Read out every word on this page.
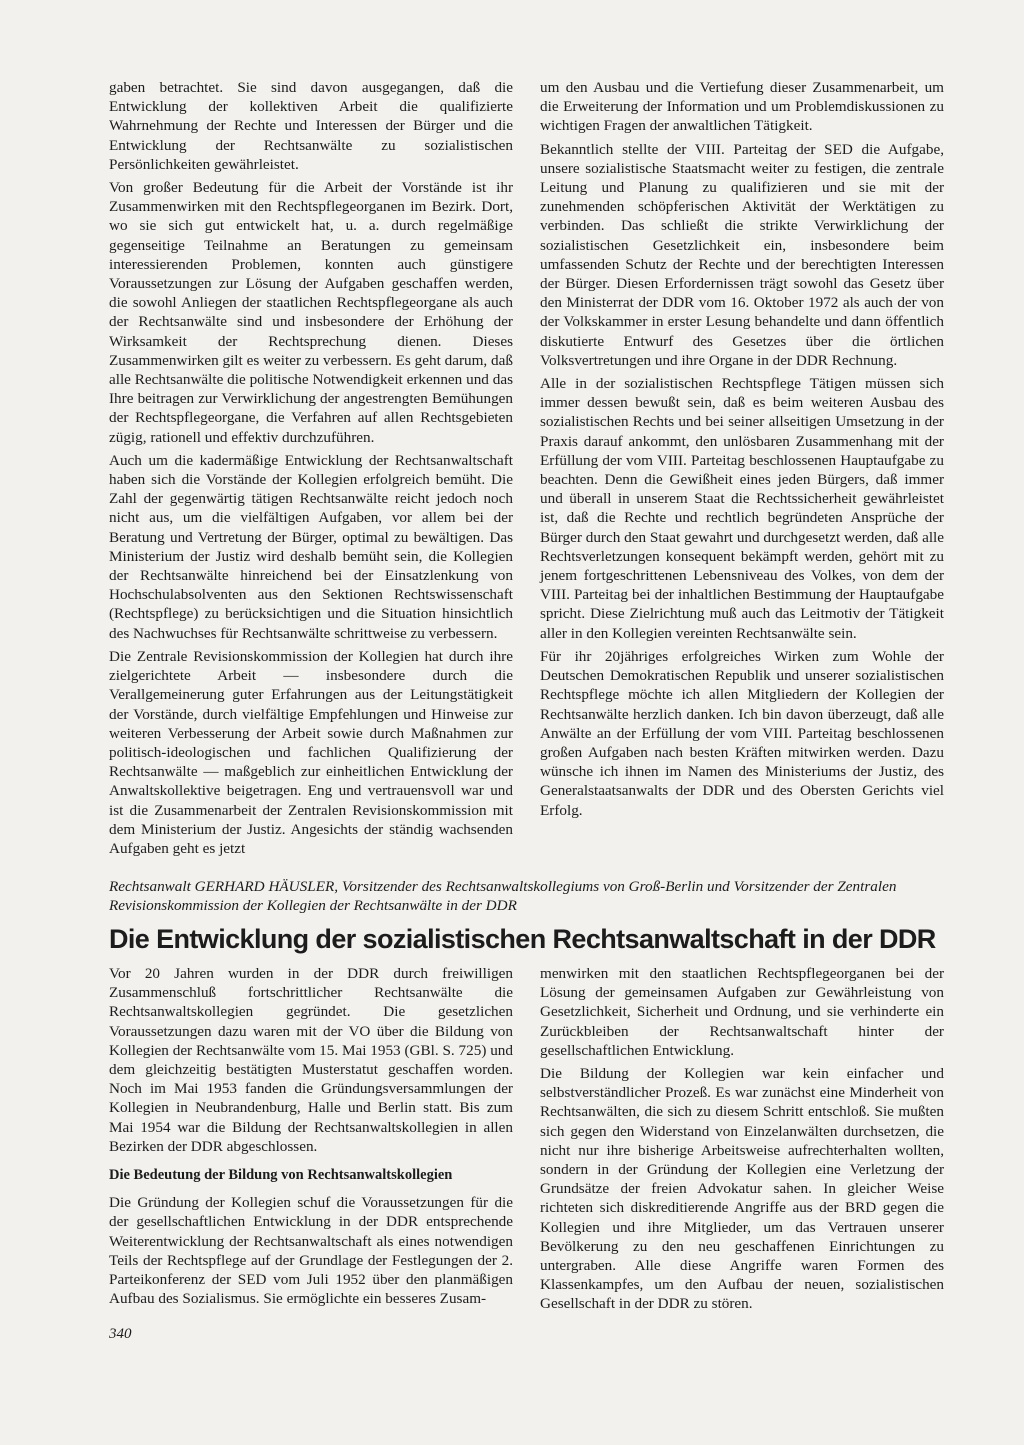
gaben betrachtet. Sie sind davon ausgegangen, daß die Entwicklung der kollektiven Arbeit die qualifizierte Wahrnehmung der Rechte und Interessen der Bürger und die Entwicklung der Rechtsanwälte zu sozialistischen Persönlichkeiten gewährleistet.

Von großer Bedeutung für die Arbeit der Vorstände ist ihr Zusammenwirken mit den Rechtspflegeorganen im Bezirk. Dort, wo sie sich gut entwickelt hat, u. a. durch regelmäßige gegenseitige Teilnahme an Beratungen zu gemeinsam interessierenden Problemen, konnten auch günstigere Voraussetzungen zur Lösung der Aufgaben geschaffen werden, die sowohl Anliegen der staatlichen Rechtspflegeorgane als auch der Rechtsanwälte sind und insbesondere der Erhöhung der Wirksamkeit der Rechtsprechung dienen. Dieses Zusammenwirken gilt es weiter zu verbessern. Es geht darum, daß alle Rechtsanwälte die politische Notwendigkeit erkennen und das Ihre beitragen zur Verwirklichung der angestrengten Bemühungen der Rechtspflegeorgane, die Verfahren auf allen Rechtsgebieten zügig, rationell und effektiv durchzuführen.

Auch um die kadermäßige Entwicklung der Rechtsanwaltschaft haben sich die Vorstände der Kollegien erfolgreich bemüht. Die Zahl der gegenwärtig tätigen Rechtsanwälte reicht jedoch noch nicht aus, um die vielfältigen Aufgaben, vor allem bei der Beratung und Vertretung der Bürger, optimal zu bewältigen. Das Ministerium der Justiz wird deshalb bemüht sein, die Kollegien der Rechtsanwälte hinreichend bei der Einsatzlenkung von Hochschulabsolventen aus den Sektionen Rechtswissenschaft (Rechtspflege) zu berücksichtigen und die Situation hinsichtlich des Nachwuchses für Rechtsanwälte schrittweise zu verbessern.

Die Zentrale Revisionskommission der Kollegien hat durch ihre zielgerichtete Arbeit — insbesondere durch die Verallgemeinerung guter Erfahrungen aus der Leitungstätigkeit der Vorstände, durch vielfältige Empfehlungen und Hinweise zur weiteren Verbesserung der Arbeit sowie durch Maßnahmen zur politisch-ideologischen und fachlichen Qualifizierung der Rechtsanwälte — maßgeblich zur einheitlichen Entwicklung der Anwaltskollektive beigetragen. Eng und vertrauensvoll war und ist die Zusammenarbeit der Zentralen Revisionskommission mit dem Ministerium der Justiz. Angesichts der ständig wachsenden Aufgaben geht es jetzt

um den Ausbau und die Vertiefung dieser Zusammenarbeit, um die Erweiterung der Information und um Problemdiskussionen zu wichtigen Fragen der anwaltlichen Tätigkeit.

Bekanntlich stellte der VIII. Parteitag der SED die Aufgabe, unsere sozialistische Staatsmacht weiter zu festigen, die zentrale Leitung und Planung zu qualifizieren und sie mit der zunehmenden schöpferischen Aktivität der Werktätigen zu verbinden. Das schließt die strikte Verwirklichung der sozialistischen Gesetzlichkeit ein, insbesondere beim umfassenden Schutz der Rechte und der berechtigten Interessen der Bürger. Diesen Erfordernissen trägt sowohl das Gesetz über den Ministerrat der DDR vom 16. Oktober 1972 als auch der von der Volkskammer in erster Lesung behandelte und dann öffentlich diskutierte Entwurf des Gesetzes über die örtlichen Volksvertretungen und ihre Organe in der DDR Rechnung.

Alle in der sozialistischen Rechtspflege Tätigen müssen sich immer dessen bewußt sein, daß es beim weiteren Ausbau des sozialistischen Rechts und bei seiner allseitigen Umsetzung in der Praxis darauf ankommt, den unlösbaren Zusammenhang mit der Erfüllung der vom VIII. Parteitag beschlossenen Hauptaufgabe zu beachten. Denn die Gewißheit eines jeden Bürgers, daß immer und überall in unserem Staat die Rechtssicherheit gewährleistet ist, daß die Rechte und rechtlich begründeten Ansprüche der Bürger durch den Staat gewahrt und durchgesetzt werden, daß alle Rechtsverletzungen konsequent bekämpft werden, gehört mit zu jenem fortgeschrittenen Lebensniveau des Volkes, von dem der VIII. Parteitag bei der inhaltlichen Bestimmung der Hauptaufgabe spricht. Diese Zielrichtung muß auch das Leitmotiv der Tätigkeit aller in den Kollegien vereinten Rechtsanwälte sein.

Für ihr 20jähriges erfolgreiches Wirken zum Wohle der Deutschen Demokratischen Republik und unserer sozialistischen Rechtspflege möchte ich allen Mitgliedern der Kollegien der Rechtsanwälte herzlich danken. Ich bin davon überzeugt, daß alle Anwälte an der Erfüllung der vom VIII. Parteitag beschlossenen großen Aufgaben nach besten Kräften mitwirken werden. Dazu wünsche ich ihnen im Namen des Ministeriums der Justiz, des Generalstaatsanwalts der DDR und des Obersten Gerichts viel Erfolg.

Rechtsanwalt GERHARD HÄUSLER, Vorsitzender des Rechtsanwaltskollegiums von Groß-Berlin und Vorsitzender der Zentralen Revisionskommission der Kollegien der Rechtsanwälte in der DDR
Die Entwicklung der sozialistischen Rechtsanwaltschaft in der DDR

Vor 20 Jahren wurden in der DDR durch freiwilligen Zusammenschluß fortschrittlicher Rechtsanwälte die Rechtsanwaltskollegien gegründet. Die gesetzlichen Voraussetzungen dazu waren mit der VO über die Bildung von Kollegien der Rechtsanwälte vom 15. Mai 1953 (GBl. S. 725) und dem gleichzeitig bestätigten Musterstatut geschaffen worden. Noch im Mai 1953 fanden die Gründungsversammlungen der Kollegien in Neubrandenburg, Halle und Berlin statt. Bis zum Mai 1954 war die Bildung der Rechtsanwaltskollegien in allen Bezirken der DDR abgeschlossen.

Die Bedeutung der Bildung von Rechtsanwaltskollegien

Die Gründung der Kollegien schuf die Voraussetzungen für die der gesellschaftlichen Entwicklung in der DDR entsprechende Weiterentwicklung der Rechtsanwaltschaft als eines notwendigen Teils der Rechtspflege auf der Grundlage der Festlegungen der 2. Parteikonferenz der SED vom Juli 1952 über den planmäßigen Aufbau des Sozialismus. Sie ermöglichte ein besseres Zusam-

menwirken mit den staatlichen Rechtspflegeorganen bei der Lösung der gemeinsamen Aufgaben zur Gewährleistung von Gesetzlichkeit, Sicherheit und Ordnung, und sie verhinderte ein Zurückbleiben der Rechtsanwaltschaft hinter der gesellschaftlichen Entwicklung.

Die Bildung der Kollegien war kein einfacher und selbstverständlicher Prozeß. Es war zunächst eine Minderheit von Rechtsanwälten, die sich zu diesem Schritt entschloß. Sie mußten sich gegen den Widerstand von Einzelanwälten durchsetzen, die nicht nur ihre bisherige Arbeitsweise aufrechterhalten wollten, sondern in der Gründung der Kollegien eine Verletzung der Grundsätze der freien Advokatur sahen. In gleicher Weise richteten sich diskreditierende Angriffe aus der BRD gegen die Kollegien und ihre Mitglieder, um das Vertrauen unserer Bevölkerung zu den neu geschaffenen Einrichtungen zu untergraben. Alle diese Angriffe waren Formen des Klassenkampfes, um den Aufbau der neuen, sozialistischen Gesellschaft in der DDR zu stören.

340
